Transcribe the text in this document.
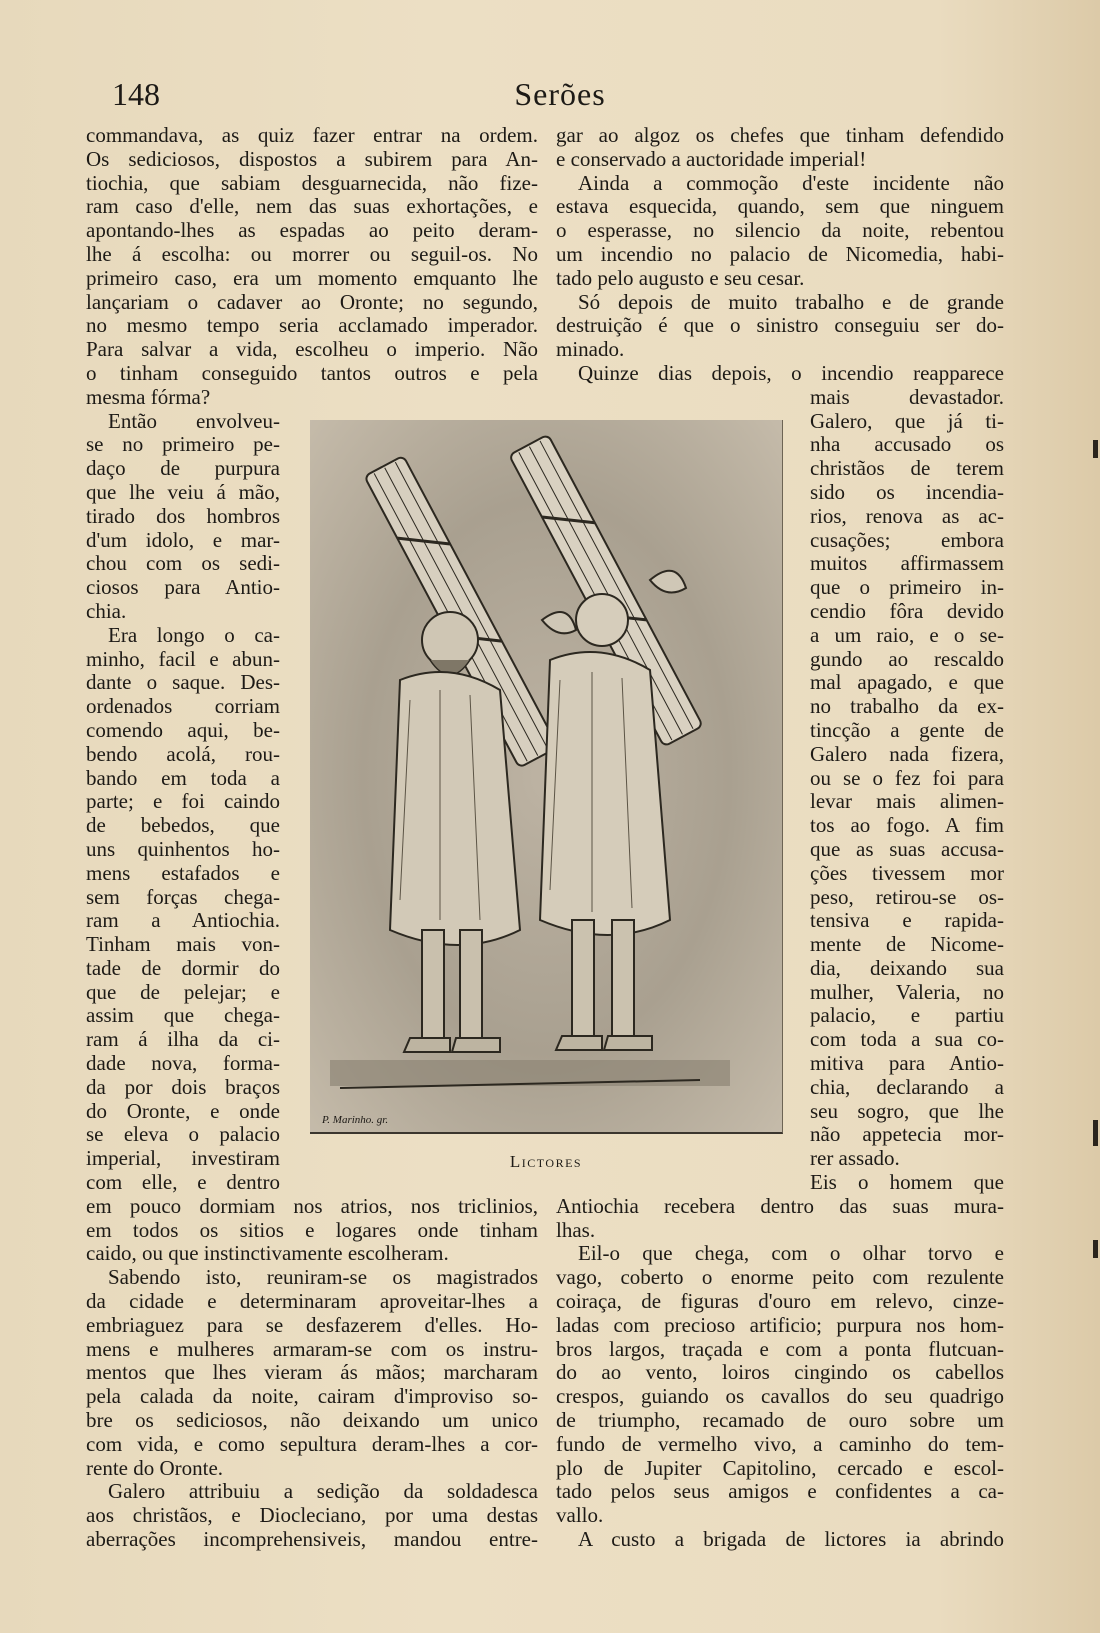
148	Serões
commandava, as quiz fazer entrar na ordem.
Os sediciosos, dispostos a subirem para An-
tiochia, que sabiam desguarnecida, não fize-
ram caso d'elle, nem das suas exhortações, e
apontando-lhes as espadas ao peito deram-
lhe á escolha: ou morrer ou seguil-os. No
primeiro caso, era um momento emquanto lhe
lançariam o cadaver ao Oronte; no segundo,
no mesmo tempo seria acclamado imperador.
Para salvar a vida, escolheu o imperio. Não
o tinham conseguido tantos outros e pela
mesma fórma?
Então envolveu-
se no primeiro pe-
daço de purpura
que lhe veiu á mão,
tirado dos hombros
d'um idolo, e mar-
chou com os sedi-
ciosos para Antio-
chia.
Era longo o ca-
minho, facil e abun-
dante o saque. Des-
ordenados corriam
comendo aqui, be-
bendo acolá, rou-
bando em toda a
parte; e foi caindo
de bebedos, que
uns quinhentos ho-
mens estafados e
sem forças chega-
ram a Antiochia.
Tinham mais von-
tade de dormir do
que de pelejar; e
assim que chega-
ram á ilha da ci-
dade nova, forma-
da por dois braços
do Oronte, e onde
se eleva o palacio
imperial, investiram
com elle, e dentro
em pouco dormiam nos atrios, nos triclinios,
em todos os sitios e logares onde tinham
caido, ou que instinctivamente escolheram.
Sabendo isto, reuniram-se os magistrados
da cidade e determinaram aproveitar-lhes a
embriaguez para se desfazerem d'elles. Ho-
mens e mulheres armaram-se com os instru-
mentos que lhes vieram ás mãos; marcharam
pela calada da noite, cairam d'improviso so-
bre os sediciosos, não deixando um unico
com vida, e como sepultura deram-lhes a cor-
rente do Oronte.
Galero attribuiu a sedição da soldadesca
aos christãos, e Diocleciano, por uma destas
aberrações incomprehensiveis, mandou entre-
gar ao algoz os chefes que tinham defendido
e conservado a auctoridade imperial!
Ainda a commoção d'este incidente não
estava esquecida, quando, sem que ninguem
o esperasse, no silencio da noite, rebentou
um incendio no palacio de Nicomedia, habi-
tado pelo augusto e seu cesar.
Só depois de muito trabalho e de grande
destruição é que o sinistro conseguiu ser do-
minado.
Quinze dias depois, o incendio reapparece
mais devastador.
Galero, que já ti-
nha accusado os
christãos de terem
sido os incendia-
rios, renova as ac-
cusações; embora
muitos affirmassem
que o primeiro in-
cendio fôra devido
a um raio, e o se-
gundo ao rescaldo
mal apagado, e que
no trabalho da ex-
tincção a gente de
Galero nada fizera,
ou se o fez foi para
levar mais alimen-
tos ao fogo. A fim
que as suas accusa-
ções tivessem mor
peso, retirou-se os-
tensiva e rapida-
mente de Nicome-
dia, deixando sua
mulher, Valeria, no
palacio, e partiu
com toda a sua co-
mitiva para Antio-
chia, declarando a
seu sogro, que lhe
não appetecia mor-
rer assado.
Eis o homem que
Antiochia recebera dentro das suas mura-
lhas.
Eil-o que chega, com o olhar torvo e
vago, coberto o enorme peito com rezulente
coiraça, de figuras d'ouro em relevo, cinze-
ladas com precioso artificio; purpura nos hom-
bros largos, traçada e com a ponta flutcuan-
do ao vento, loiros cingindo os cabellos
crespos, guiando os cavallos do seu quadrigo
de triumpho, recamado de ouro sobre um
fundo de vermelho vivo, a caminho do tem-
plo de Jupiter Capitolino, cercado e escol-
tado pelos seus amigos e confidentes a ca-
vallo.
A custo a brigada de lictores ia abrindo
P. Marinho. gr.
Lictores
